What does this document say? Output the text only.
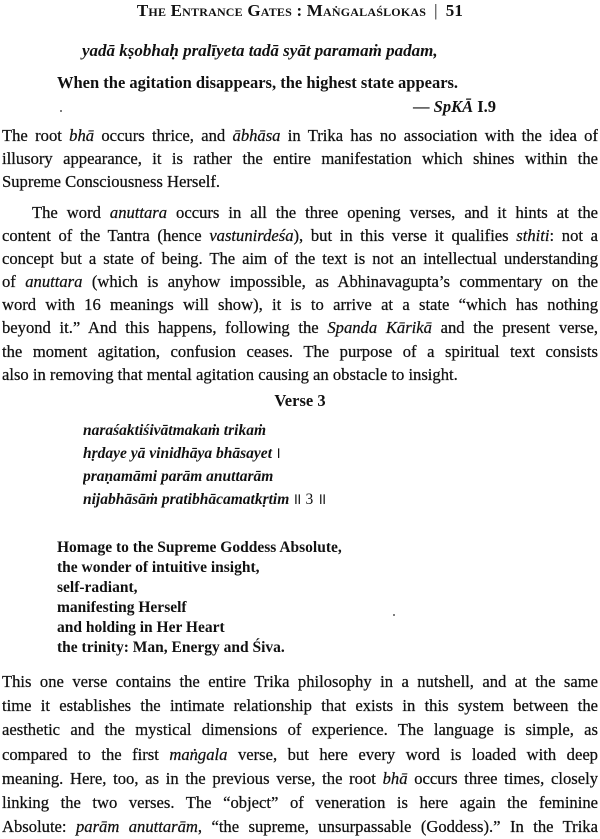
The Entrance Gates : Maṅgalaślokas | 51
yadā kṣobhaḥ pralīyeta tadā syāt paramaṁ padam,
When the agitation disappears, the highest state appears.
— SpKĀ I.9
The root bhā occurs thrice, and ābhāsa in Trika has no association with the idea of
illusory appearance, it is rather the entire manifestation which shines within the
Supreme Consciousness Herself.
The word anuttara occurs in all the three opening verses, and it hints at the
content of the Tantra (hence vastunirdeśa), but in this verse it qualifies sthiti: not a
concept but a state of being. The aim of the text is not an intellectual understanding
of anuttara (which is anyhow impossible, as Abhinavagupta’s commentary on the
word with 16 meanings will show), it is to arrive at a state “which has nothing
beyond it.” And this happens, following the Spanda Kārikā and the present verse,
the moment agitation, confusion ceases. The purpose of a spiritual text consists
also in removing that mental agitation causing an obstacle to insight.
Verse 3
naraśaktiśivātmakaṁ trikaṁ
hṛdaye yā vinidhāya bhāsayet ।
praṇamāmi parām anuttarām
nijabhāsāṁ pratibhācamatkṛtim ॥ 3 ॥
Homage to the Supreme Goddess Absolute,
the wonder of intuitive insight,
self-radiant,
manifesting Herself
and holding in Her Heart
the trinity: Man, Energy and Śiva.
This one verse contains the entire Trika philosophy in a nutshell, and at the same
time it establishes the intimate relationship that exists in this system between the
aesthetic and the mystical dimensions of experience. The language is simple, as
compared to the first maṅgala verse, but here every word is loaded with deep
meaning. Here, too, as in the previous verse, the root bhā occurs three times, closely
linking the two verses. The “object” of veneration is here again the feminine
Absolute: parām anuttarām, “the supreme, unsurpassable (Goddess).” In the Trika
